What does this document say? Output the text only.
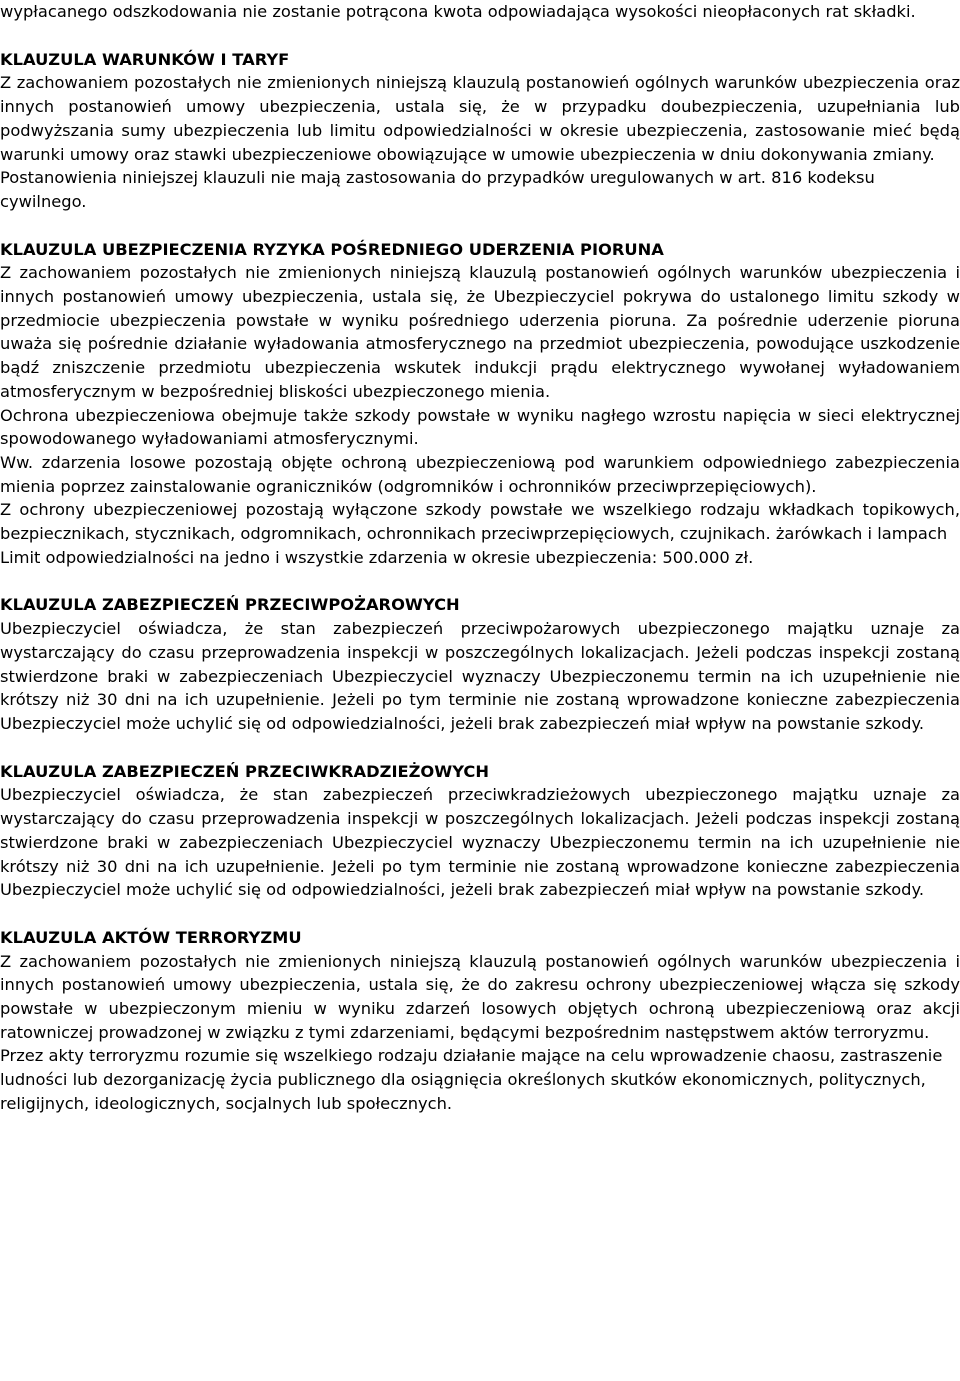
wypłacanego odszkodowania nie zostanie potrącona kwota odpowiadająca wysokości nieopłaconych rat składki.

KLAUZULA WARUNKÓW I TARYF

Z zachowaniem pozostałych nie zmienionych niniejszą klauzulą postanowień ogólnych warunków ubezpieczenia oraz innych postanowień umowy ubezpieczenia, ustala się, że w przypadku doubezpieczenia, uzupełniania lub podwyższania sumy ubezpieczenia lub limitu odpowiedzialności w okresie ubezpieczenia, zastosowanie mieć będą warunki umowy oraz stawki ubezpieczeniowe obowiązujące w umowie ubezpieczenia w dniu dokonywania zmiany.

Postanowienia niniejszej klauzuli nie mają zastosowania do przypadków uregulowanych w art. 816 kodeksu cywilnego.

KLAUZULA UBEZPIECZENIA RYZYKA POŚREDNIEGO UDERZENIA PIORUNA

Z zachowaniem pozostałych nie zmienionych niniejszą klauzulą postanowień ogólnych warunków ubezpieczenia i innych postanowień umowy ubezpieczenia, ustala się, że Ubezpieczyciel pokrywa do ustalonego limitu szkody w przedmiocie ubezpieczenia powstałe w wyniku pośredniego uderzenia pioruna. Za pośrednie uderzenie pioruna uważa się pośrednie działanie wyładowania atmosferycznego na przedmiot ubezpieczenia, powodujące uszkodzenie bądź zniszczenie przedmiotu ubezpieczenia wskutek indukcji prądu elektrycznego wywołanej wyładowaniem atmosferycznym w bezpośredniej bliskości ubezpieczonego mienia.

Ochrona ubezpieczeniowa obejmuje także szkody powstałe w wyniku nagłego wzrostu napięcia w sieci elektrycznej spowodowanego wyładowaniami atmosferycznymi.

Ww. zdarzenia losowe pozostają objęte ochroną ubezpieczeniową pod warunkiem odpowiedniego zabezpieczenia mienia poprzez zainstalowanie ograniczników (odgromników i ochronników przeciwprzepięciowych).

Z ochrony ubezpieczeniowej pozostają wyłączone szkody powstałe we wszelkiego rodzaju wkładkach topikowych, bezpiecznikach, stycznikach, odgromnikach, ochronnikach przeciwprzepięciowych, czujnikach. żarówkach i lampach

Limit odpowiedzialności na jedno i wszystkie zdarzenia w okresie ubezpieczenia: 500.000 zł.

KLAUZULA ZABEZPIECZEŃ PRZECIWPOŻAROWYCH

Ubezpieczyciel oświadcza, że stan zabezpieczeń przeciwpożarowych ubezpieczonego majątku uznaje za wystarczający do czasu przeprowadzenia inspekcji w poszczególnych lokalizacjach. Jeżeli podczas inspekcji zostaną stwierdzone braki w zabezpieczeniach Ubezpieczyciel wyznaczy Ubezpieczonemu termin na ich uzupełnienie nie krótszy niż 30 dni na ich uzupełnienie. Jeżeli po tym terminie nie zostaną wprowadzone konieczne zabezpieczenia Ubezpieczyciel może uchylić się od odpowiedzialności, jeżeli brak zabezpieczeń miał wpływ na powstanie szkody.

KLAUZULA ZABEZPIECZEŃ PRZECIWKRADZIEŻOWYCH

Ubezpieczyciel oświadcza, że stan zabezpieczeń przeciwkradzieżowych ubezpieczonego majątku uznaje za wystarczający do czasu przeprowadzenia inspekcji w poszczególnych lokalizacjach. Jeżeli podczas inspekcji zostaną stwierdzone braki w zabezpieczeniach Ubezpieczyciel wyznaczy Ubezpieczonemu termin na ich uzupełnienie nie krótszy niż 30 dni na ich uzupełnienie. Jeżeli po tym terminie nie zostaną wprowadzone konieczne zabezpieczenia Ubezpieczyciel może uchylić się od odpowiedzialności, jeżeli brak zabezpieczeń miał wpływ na powstanie szkody.

KLAUZULA AKTÓW TERRORYZMU

Z zachowaniem pozostałych nie zmienionych niniejszą klauzulą postanowień ogólnych warunków ubezpieczenia i innych postanowień umowy ubezpieczenia, ustala się, że do zakresu ochrony ubezpieczeniowej włącza się szkody powstałe w ubezpieczonym mieniu w wyniku zdarzeń losowych objętych ochroną ubezpieczeniową oraz akcji ratowniczej prowadzonej w związku z tymi zdarzeniami, będącymi bezpośrednim następstwem aktów terroryzmu.

Przez akty terroryzmu rozumie się wszelkiego rodzaju działanie mające na celu wprowadzenie chaosu, zastraszenie ludności lub dezorganizację życia publicznego dla osiągnięcia określonych skutków ekonomicznych, politycznych, religijnych, ideologicznych, socjalnych lub społecznych.
